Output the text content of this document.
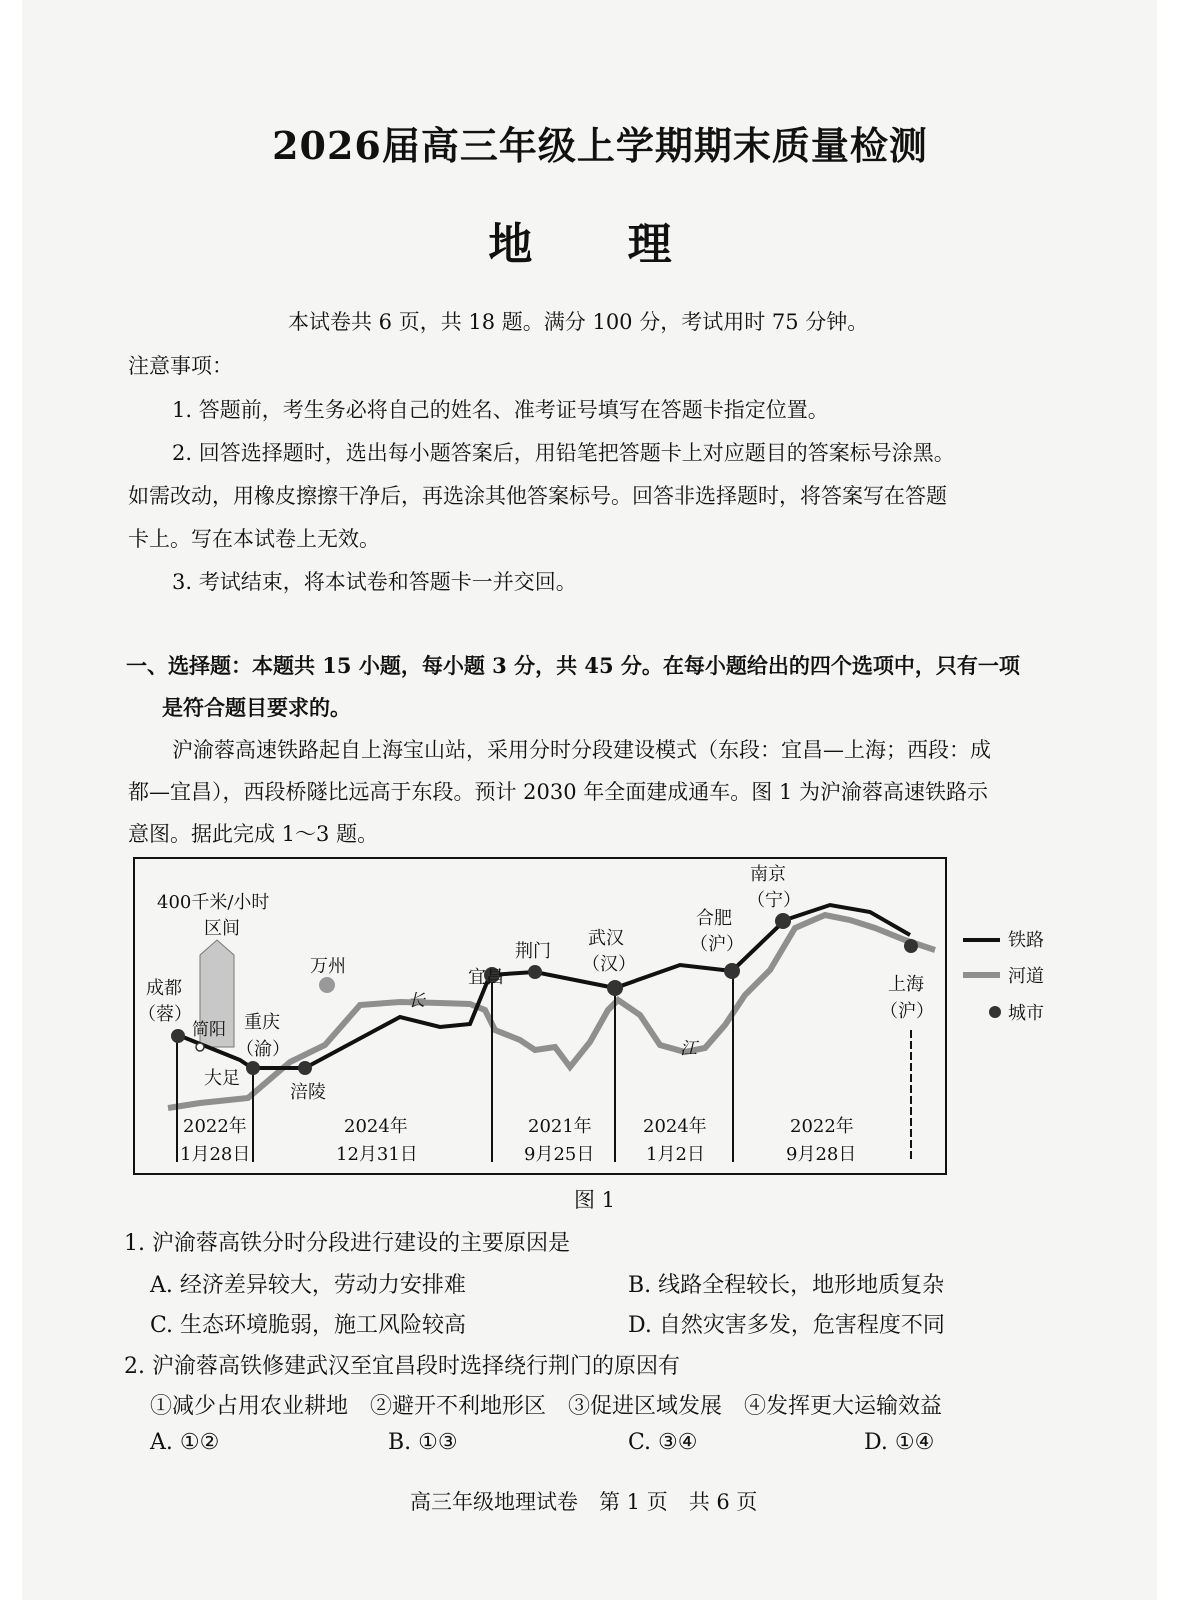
2026届高三年级上学期期末质量检测
地 理
本试卷共 6 页，共 18 题。满分 100 分，考试用时 75 分钟。
注意事项：
1. 答题前，考生务必将自己的姓名、准考证号填写在答题卡指定位置。
2. 回答选择题时，选出每小题答案后，用铅笔把答题卡上对应题目的答案标号涂黑。
如需改动，用橡皮擦擦干净后，再选涂其他答案标号。回答非选择题时，将答案写在答题
卡上。写在本试卷上无效。
3. 考试结束，将本试卷和答题卡一并交回。
一、选择题：本题共 15 小题，每小题 3 分，共 45 分。在每小题给出的四个选项中，只有一项
是符合题目要求的。
沪渝蓉高速铁路起自上海宝山站，采用分时分段建设模式（东段：宜昌—上海；西段：成
都—宜昌），西段桥隧比远高于东段。预计 2030 年全面建成通车。图 1 为沪渝蓉高速铁路示
意图。据此完成 1～3 题。
400千米/小时
区间
成都
（蓉）
简阳
大足
重庆
（渝）
涪陵
万州
长
宜昌
荆门
武汉
（汉）
江
合肥
（沪）
南京
（宁）
上海
（沪）
2022年
1月28日
2024年
12月31日
2021年
9月25日
2024年
1月2日
2022年
9月28日
铁路
河道
城市
图 1
1. 沪渝蓉高铁分时分段进行建设的主要原因是
A. 经济差异较大，劳动力安排难	B. 线路全程较长，地形地质复杂
C. 生态环境脆弱，施工风险较高	D. 自然灾害多发，危害程度不同
2. 沪渝蓉高铁修建武汉至宜昌段时选择绕行荆门的原因有
①减少占用农业耕地　②避开不利地形区　③促进区域发展　④发挥更大运输效益
A. ①②	B. ①③	C. ③④	D. ①④
高三年级地理试卷　第 1 页　共 6 页
